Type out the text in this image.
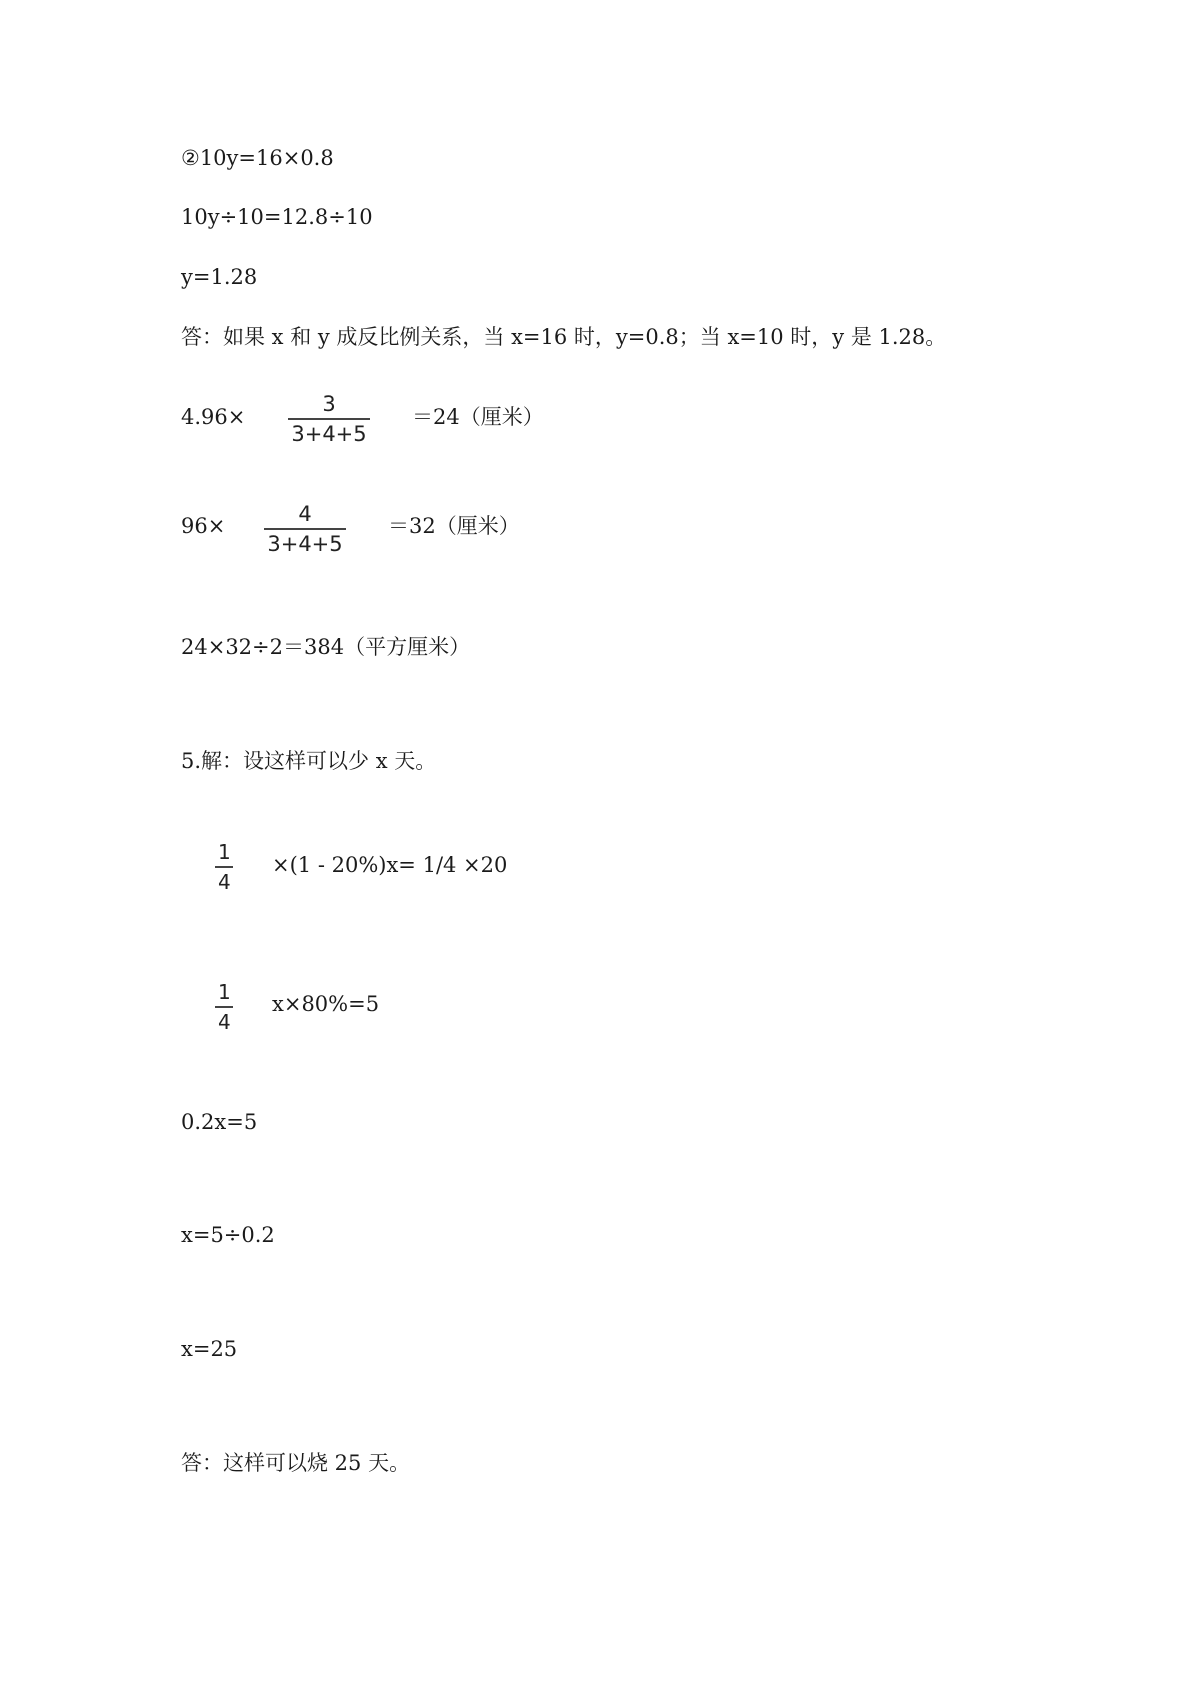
②10y=16×0.8
10y÷10=12.8÷10
y=1.28
答：如果 x 和 y 成反比例关系，当 x=16 时，y=0.8；当 x=10 时，y 是 1.28。
4.96×
3
3+4+5
＝24（厘米）
96×	4
3+4+5
＝32（厘米）
24×32÷2＝384（平方厘米）
5.解：设这样可以少 x 天。
1
4
×(1 - 20%)x= 1/4 ×20
1
4
x×80%=5
0.2x=5
x=5÷0.2
x=25
答：这样可以烧 25 天。
